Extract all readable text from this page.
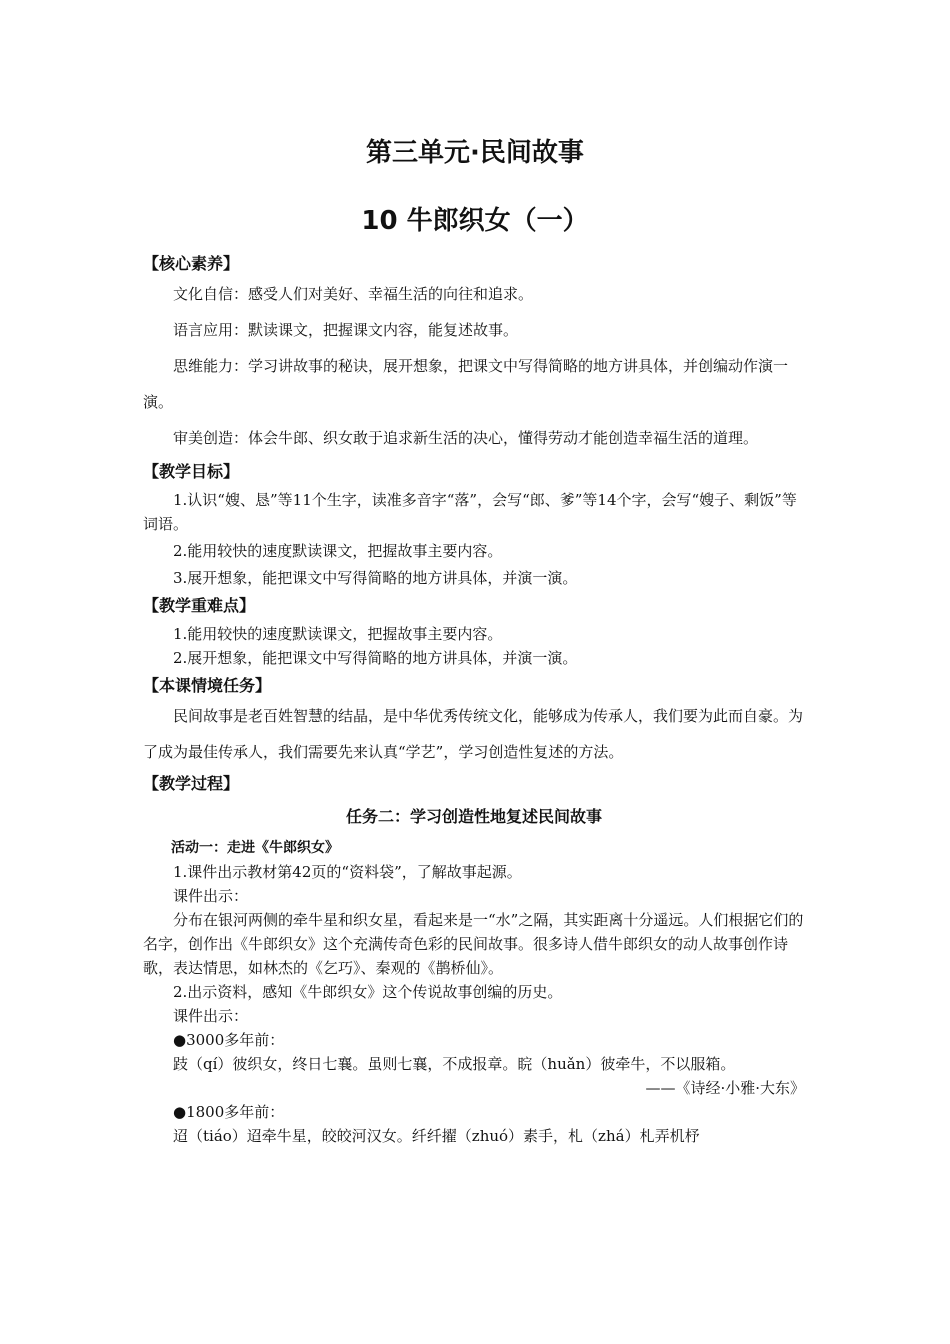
第三单元·民间故事
10 牛郎织女（一）
【核心素养】

文化自信：感受人们对美好、幸福生活的向往和追求。

语言应用：默读课文，把握课文内容，能复述故事。

思维能力：学习讲故事的秘诀，展开想象，把课文中写得简略的地方讲具体，并创编动作演一演。

审美创造：体会牛郎、织女敢于追求新生活的决心，懂得劳动才能创造幸福生活的道理。

【教学目标】

1.认识“嫂、恳”等11个生字，读准多音字“落”，会写“郎、爹”等14个字，会写“嫂子、剩饭”等词语。

2.能用较快的速度默读课文，把握故事主要内容。

3.展开想象，能把课文中写得简略的地方讲具体，并演一演。

【教学重难点】

1.能用较快的速度默读课文，把握故事主要内容。

2.展开想象，能把课文中写得简略的地方讲具体，并演一演。

【本课情境任务】

民间故事是老百姓智慧的结晶，是中华优秀传统文化，能够成为传承人，我们要为此而自豪。为了成为最佳传承人，我们需要先来认真“学艺”，学习创造性复述的方法。

【教学过程】
任务二：学习创造性地复述民间故事
活动一：走进《牛郎织女》

1.课件出示教材第42页的“资料袋”，了解故事起源。

课件出示：

分布在银河两侧的牵牛星和织女星，看起来是一“水”之隔，其实距离十分遥远。人们根据它们的名字，创作出《牛郎织女》这个充满传奇色彩的民间故事。很多诗人借牛郎织女的动人故事创作诗歌，表达情思，如林杰的《乞巧》、秦观的《鹊桥仙》。

2.出示资料，感知《牛郎织女》这个传说故事创编的历史。

课件出示：

●3000多年前：

跂（qí）彼织女，终日七襄。虽则七襄，不成报章。睆（huǎn）彼牵牛，不以服箱。

——《诗经·小雅·大东》

●1800多年前：

迢（tiáo）迢牵牛星，皎皎河汉女。纤纤擢（zhuó）素手，札（zhá）札弄机杼
